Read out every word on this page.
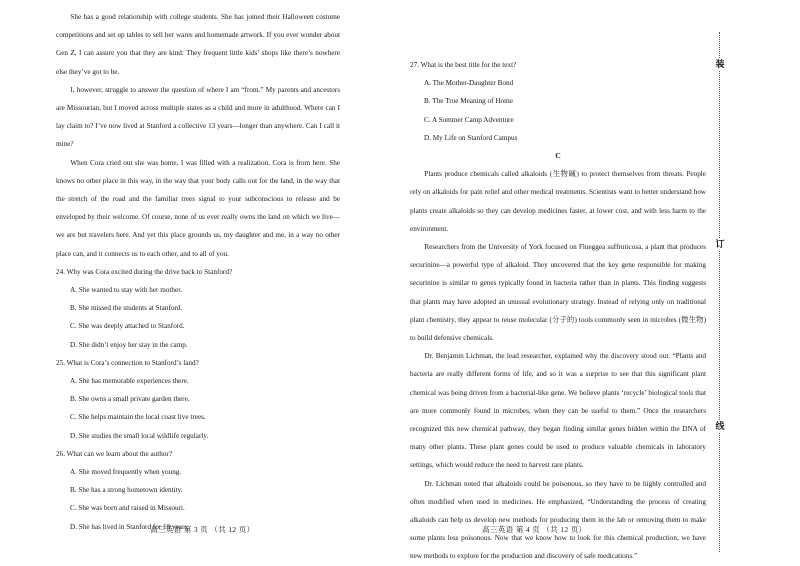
She has a good relationship with college students. She has joined their Halloween costume competitions and set up tables to sell her wares and homemade artwork. If you ever wonder about Gen Z, I can assure you that they are kind: They frequent little kids’ shops like there’s nowhere else they’ve got to be.

I, however, struggle to answer the question of where I am “from.” My parents and ancestors are Missourian, but I moved across multiple states as a child and more in adulthood. Where can I lay claim to? I’ve now lived at Stanford a collective 13 years—longer than anywhere. Can I call it mine?

When Cora cried out she was home, I was filled with a realization. Cora is from here. She knows no other place in this way, in the way that your body calls out for the land, in the way that the stretch of the road and the familiar trees signal to your subconscious to release and be enveloped by their welcome. Of course, none of us ever really owns the land on which we live—we are but travelers here. And yet this place grounds us, my daughter and me, in a way no other place can, and it connects us to each other, and to all of you.

24. Why was Cora excited during the drive back to Stanford?
A. She wanted to stay with her mother.
B. She missed the students at Stanford.
C. She was deeply attached to Stanford.
D. She didn’t enjoy her stay in the camp.
25. What is Cora’s connection to Stanford’s land?
A. She has memorable experiences there.
B. She owns a small private garden there.
C. She helps maintain the local coast live trees.
D. She studies the small local wildlife regularly.
26. What can we learn about the author?
A. She moved frequently when young.
B. She has a strong hometown identity.
C. She was born and raised in Missouri.
D. She has lived in Stanford for 10 years.
高三英语 第 3 页 （共 12 页）
27. What is the best title for the text?
A. The Mother-Daughter Bond
B. The True Meaning of Home
C. A Summer Camp Adventure
D. My Life on Stanford Campus
C

Plants produce chemicals called alkaloids (生物碱) to protect themselves from threats. People rely on alkaloids for pain relief and other medical treatments. Scientists want to better understand how plants create alkaloids so they can develop medicines faster, at lower cost, and with less harm to the environment.

Researchers from the University of York focused on Flueggea suffruticosa, a plant that produces securinine—a powerful type of alkaloid. They uncovered that the key gene responsible for making securinine is similar to genes typically found in bacteria rather than in plants. This finding suggests that plants may have adopted an unusual evolutionary strategy. Instead of relying only on traditional plant chemistry, they appear to reuse molecular (分子的) tools commonly seen in microbes (微生物) to build defensive chemicals.

Dr. Benjamin Lichman, the lead researcher, explained why the discovery stood out. “Plants and bacteria are really different forms of life, and so it was a surprise to see that this significant plant chemical was being driven from a bacterial-like gene. We believe plants ‘recycle’ biological tools that are more commonly found in microbes, when they can be useful to them.” Once the researchers recognized this new chemical pathway, they began finding similar genes hidden within the DNA of many other plants. These plant genes could be used to produce valuable chemicals in laboratory settings, which would reduce the need to harvest rare plants.

Dr. Lichman noted that alkaloids could be poisonous, so they have to be highly controlled and often modified when used in medicines. He emphasized, “Understanding the process of creating alkaloids can help us develop new methods for producing them in the lab or removing them to make some plants less poisonous. Now that we know how to look for this chemical production, we have new methods to explore for the production and discovery of safe medications.”

高三英语 第 4 页 （共 12 页）
装
订
线
